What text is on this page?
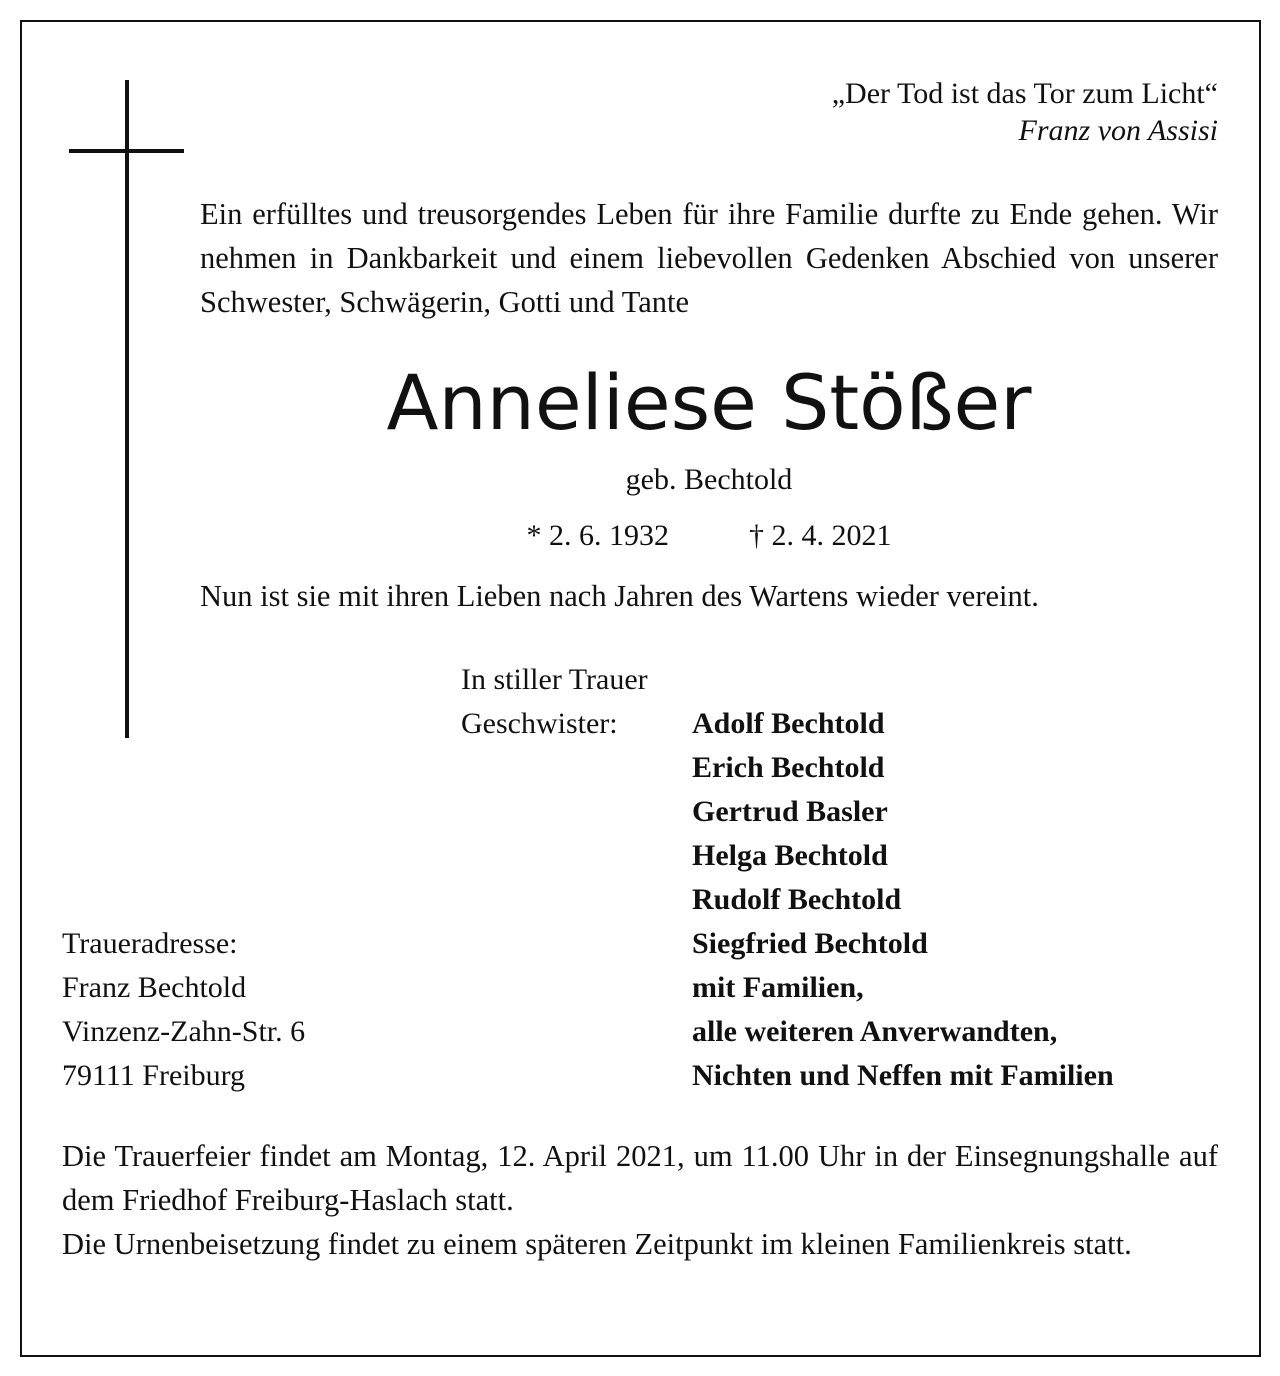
„Der Tod ist das Tor zum Licht“
Franz von Assisi
Ein erfülltes und treusorgendes Leben für ihre Familie durfte zu Ende gehen. Wir nehmen in Dankbarkeit und einem liebevollen Gedenken Abschied von unserer Schwester, Schwägerin, Gotti und Tante
Anneliese Stößer
geb. Bechtold
* 2. 6. 1932	† 2. 4. 2021
Nun ist sie mit ihren Lieben nach Jahren des Wartens wieder vereint.
In stiller Trauer
Geschwister: Adolf Bechtold
Erich Bechtold
Gertrud Basler
Helga Bechtold
Rudolf Bechtold
Siegfried Bechtold
mit Familien,
alle weiteren Anverwandten,
Nichten und Neffen mit Familien
Traueradresse:
Franz Bechtold
Vinzenz-Zahn-Str. 6
79111 Freiburg

Die Trauerfeier findet am Montag, 12. April 2021, um 11.00 Uhr in der Einsegnungshalle auf dem Friedhof Freiburg-Haslach statt.

Die Urnenbeisetzung findet zu einem späteren Zeitpunkt im kleinen Familienkreis statt.
